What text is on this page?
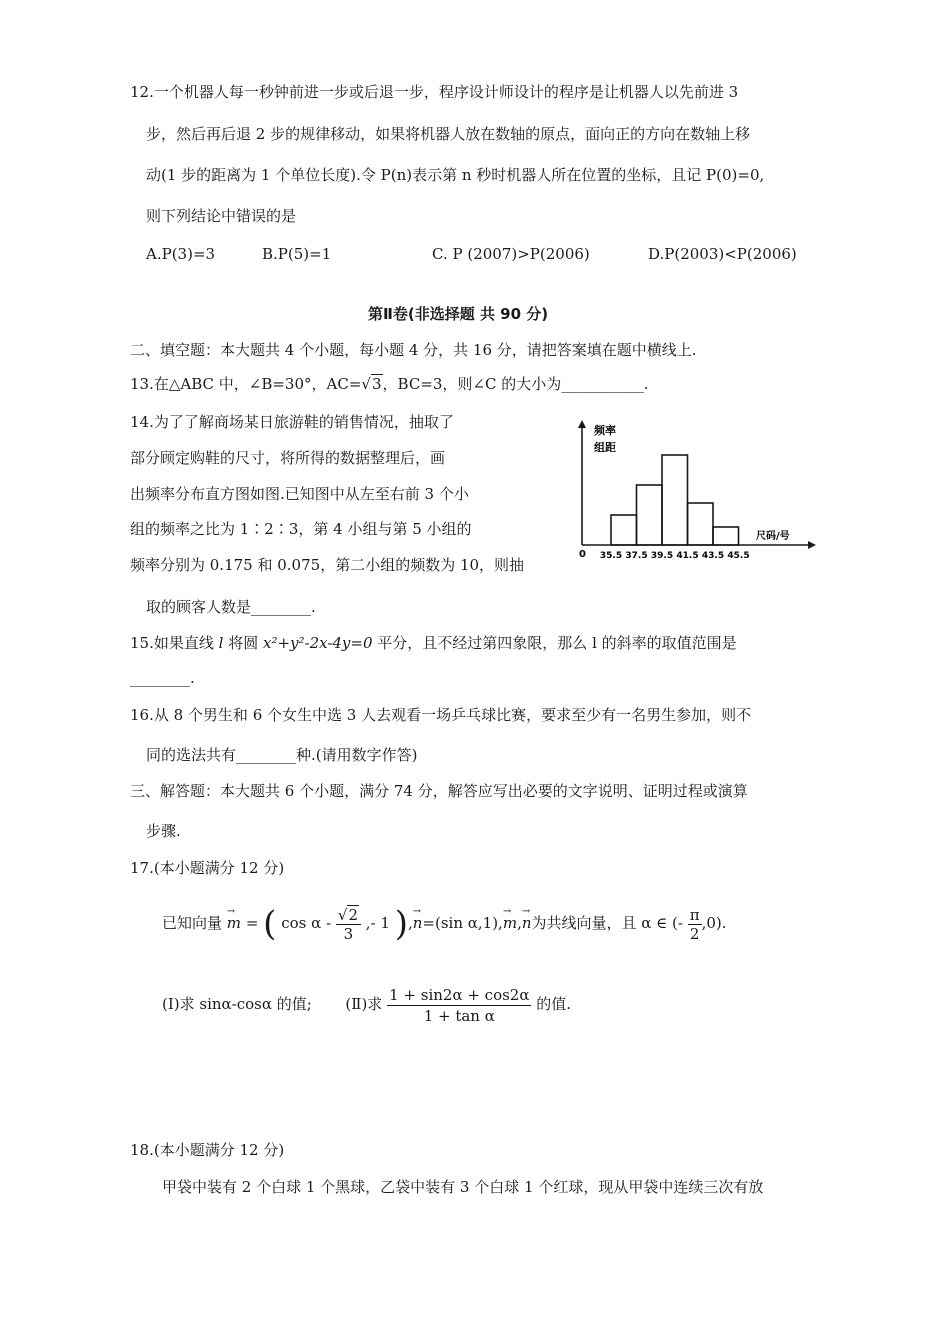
12.一个机器人每一秒钟前进一步或后退一步，程序设计师设计的程序是让机器人以先前进 3
步，然后再后退 2 步的规律移动，如果将机器人放在数轴的原点，面向正的方向在数轴上移
动(1 步的距离为 1 个单位长度).令 P(n)表示第 n 秒时机器人所在位置的坐标，且记 P(0)=0,
则下列结论中错误的是
A.P(3)=3	B.P(5)=1	C. P (2007)>P(2006)	D.P(2003)<P(2006)
第Ⅱ卷(非选择题 共 90 分)
二、填空题：本大题共 4 个小题，每小题 4 分，共 16 分，请把答案填在题中横线上.
13.在△ABC 中，∠B=30°，AC=√3，BC=3，则∠C 的大小为___________.
14.为了了解商场某日旅游鞋的销售情况，抽取了
部分顾定购鞋的尺寸，将所得的数据整理后，画
出频率分布直方图如图.已知图中从左至右前 3 个小
组的频率之比为 1∶2∶3，第 4 小组与第 5 小组的
频率分别为 0.175 和 0.075，第二小组的频数为 10，则抽
取的顾客人数是________.
35.5 37.5 39.5 41.5 43.5 45.5
频率
组距
尺码/号
0
15.如果直线 l 将圆 x²+y²-2x-4y=0 平分，且不经过第四象限，那么 l 的斜率的取值范围是
________.
16.从 8 个男生和 6 个女生中选 3 人去观看一场乒乓球比赛，要求至少有一名男生参加，则不
同的选法共有________种.(请用数字作答)
三、解答题：本大题共 6 个小题，满分 74 分，解答应写出必要的文字说明、证明过程或演算
步骤.
17.(本小题满分 12 分)
已知向量 → m = ( cos α - $\frac{√2}{3}$ ,- 1 ),→ n=(sin α,1),→ m,→ n为共线向量，且 α ∈ (- $\frac{\pi}{2} ,0$).
(Ⅰ)求 sinα-cosα 的值; (Ⅱ)求 $\frac{1 + \sin 2\alpha + \cos 2\alpha}{\text{1 + tan α}}$ 的值.
18.(本小题满分 12 分)
甲袋中装有 2 个白球 1 个黑球，乙袋中装有 3 个白球 1 个红球，现从甲袋中连续三次有放
